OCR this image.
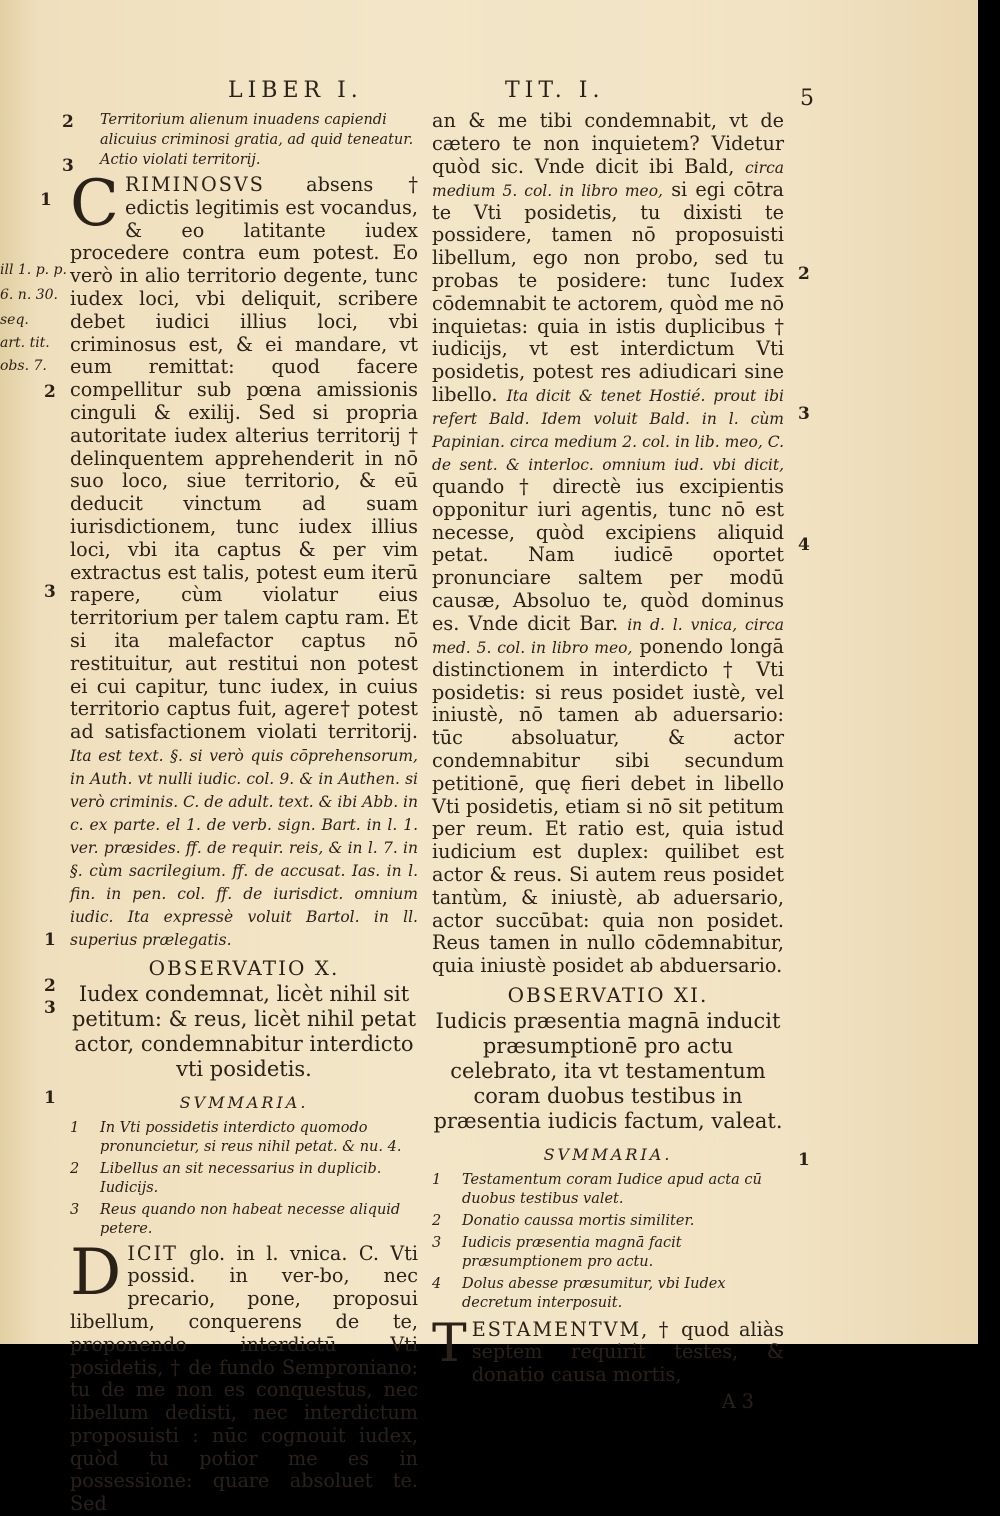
LIBER I.	TIT. I.	5
ill 1. p. p.
6. n. 30.
seq.
art. tit.
obs. 7.
2
3
1
2
3
1
2
3
1
2
3
4
1

Territorium alienum inuadens capiendi alicuius criminosi gratia, ad quid teneatur.

Actio violati territorij.

C RIMINOSVS absens† edictis legitimis est vocandus, & eo latitante iudex procedere contra eum potest. Eo verò in alio territorio degente, tunc iudex loci, vbi deliquit, scribere debet iudici illius loci, vbi criminosus est, & ei mandare, vt eum remittat: quod facere compellitur sub pœna amissionis cinguli & exilij. Sed si propria autoritate iudex alterius territorij † delinquentem apprehenderit in nō suo loco, siue territorio, & eū deducit vinctum ad suam iurisdictionem, tunc iudex illius loci, vbi ita captus & per vim extractus est talis, potest eum iterū rapere, cùm violatur eius territorium per talem captu ram. Et si ita malefactor captus nō restituitur, aut restitui non potest ei cui capitur, tunc iudex, in cuius territorio captus fuit, agere† potest ad satisfactionem violati territorij. Ita est text. §. si verò quis cōprehensorum, in Auth. vt nulli iudic. col. 9. & in Authen. si verò criminis. C. de adult. text. & ibi Abb. in c. ex parte. el 1. de verb. sign. Bart. in l. 1. ver. præsides. ff. de requir. reis, & in l. 7. in §. cùm sacrilegium. ff. de accusat. Ias. in l. fin. in pen. col. ff. de iurisdict. omnium iudic. Ita expressè voluit Bartol. in ll. superius prælegatis.

OBSERVATIO X.
Iudex condemnat, licèt nihil sit petitum: & reus, licèt nihil petat actor, condemnabitur interdicto vti posidetis.
SVMMARIA.
1 In Vti possidetis interdicto quomodo pronuncietur, si reus nihil petat. & nu. 4.
2 Libellus an sit necessarius in duplicib. Iudicijs.
3 Reus quando non habeat necesse aliquid petere.

D ICIT glo. in l. vnica. C. Vti possid. in ver-bo, nec precario, pone, proposui libellum, conquerens de te, proponendo interdictū Vti posidetis, † de fundo Semproniano: tu de me non es conquestus, nec libellum dedisti, nec interdictum proposuisti : nūc cognouit iudex, quòd tu potior me es in possessione: quare absoluet te. Sed

an & me tibi condemnabit, vt de cætero te non inquietem? Videtur quòd sic. Vnde dicit ibi Bald, circa medium 5. col. in libro meo, si egi cōtra te Vti posidetis, tu dixisti te possidere, tamen nō proposuisti libellum, ego non probo, sed tu probas te posidere: tunc Iudex cōdemnabit te actorem, quòd me nō inquietas: quia in istis duplicibus † iudicijs, vt est interdictum Vti posidetis, potest res adiudicari sine libello. Ita dicit & tenet Hostié. prout ibi refert Bald. Idem voluit Bald. in l. cùm Papinian. circa medium 2. col. in lib. meo, C. de sent. & interloc. omnium iud. vbi dicit, quando † directè ius excipientis opponitur iuri agentis, tunc nō est necesse, quòd excipiens aliquid petat. Nam iudicē oportet pronunciare saltem per modū causæ, Absoluo te, quòd dominus es. Vnde dicit Bar. in d. l. vnica, circa med. 5. col. in libro meo, ponendo longā distinctionem in interdicto † Vti posidetis: si reus posidet iustè, vel iniustè, nō tamen ab aduersario: tūc absoluatur, & actor condemnabitur sibi secundum petitionē, quę fieri debet in libello Vti posidetis, etiam si nō sit petitum per reum. Et ratio est, quia istud iudicium est duplex: quilibet est actor & reus. Si autem reus posidet tantùm, & iniustè, ab aduersario, actor succūbat: quia non posidet. Reus tamen in nullo cōdemnabitur, quia iniustè posidet ab abduersario.

OBSERVATIO XI.
Iudicis præsentia magnā inducit præsumptionē pro actu celebrato, ita vt testamentum coram duobus testibus in præsentia iudicis factum, valeat.
SVMMARIA.
1 Testamentum coram Iudice apud acta cū duobus testibus valet.
2 Donatio caussa mortis similiter.
3 Iudicis præsentia magnā facit præsumptionem pro actu.
4 Dolus abesse præsumitur, vbi Iudex decretum interposuit.

T ESTAMENTVM, † quod aliàs septem requirit testes, & donatio causa mortis,

A 3
